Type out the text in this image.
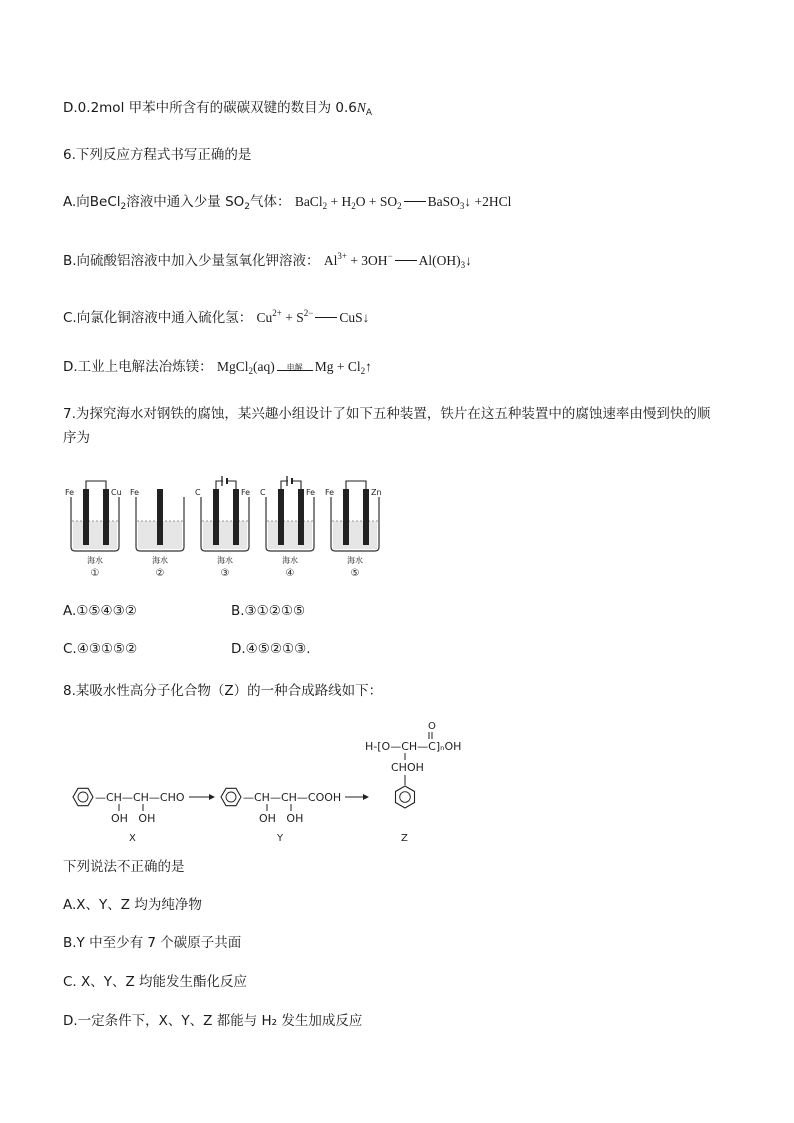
D.0.2mol 甲苯中所含有的碳碳双键的数目为 $0.6N_A$
6.下列反应方程式书写正确的是
A.向BeCl$_2$溶液中通入少量 $SO_2$气体： BaCl$_2$ + $H_2O + SO_2$ BaSO$_3$↓ +2HCl
B.向硫酸铝溶液中加入少量氢氧化钾溶液： $Al^{3+} + 3OH^-$ $Al(OH)_3↓$
C.向氯化铜溶液中通入硫化氢： $Cu^{2+} + S^{2-}$ CuS↓
D.工业上电解法冶炼镁： MgCl$_2$(aq)	电解 $Mg + Cl_2↑$
7.为探究海水对钢铁的腐蚀，某兴趣小组设计了如下五种装置，铁片在这五种装置中的腐蚀速率由慢到快的顺
序为
Fe	Cu
海水
①
Fe
海水
②
C	Fe
海水
③
C	Fe
海水
④
Fe	Zn
海水
⑤
A.①⑤④③②	B.③①②①⑤
C.④③①⑤②	D.④⑤②①③.
8.某吸水性高分子化合物（Z）的一种合成路线如下：
—CH—CH—CHO
OH   OH
X
—CH—CH—COOH
OH   OH
Y
O
H-[O—CH—C]ₙOH
CHOH
Z
下列说法不正确的是
A.X、Y、Z 均为纯净物
B.Y 中至少有 7 个碳原子共面
C. X、Y、Z 均能发生酯化反应
D.一定条件下，X、Y、Z 都能与 H₂ 发生加成反应
